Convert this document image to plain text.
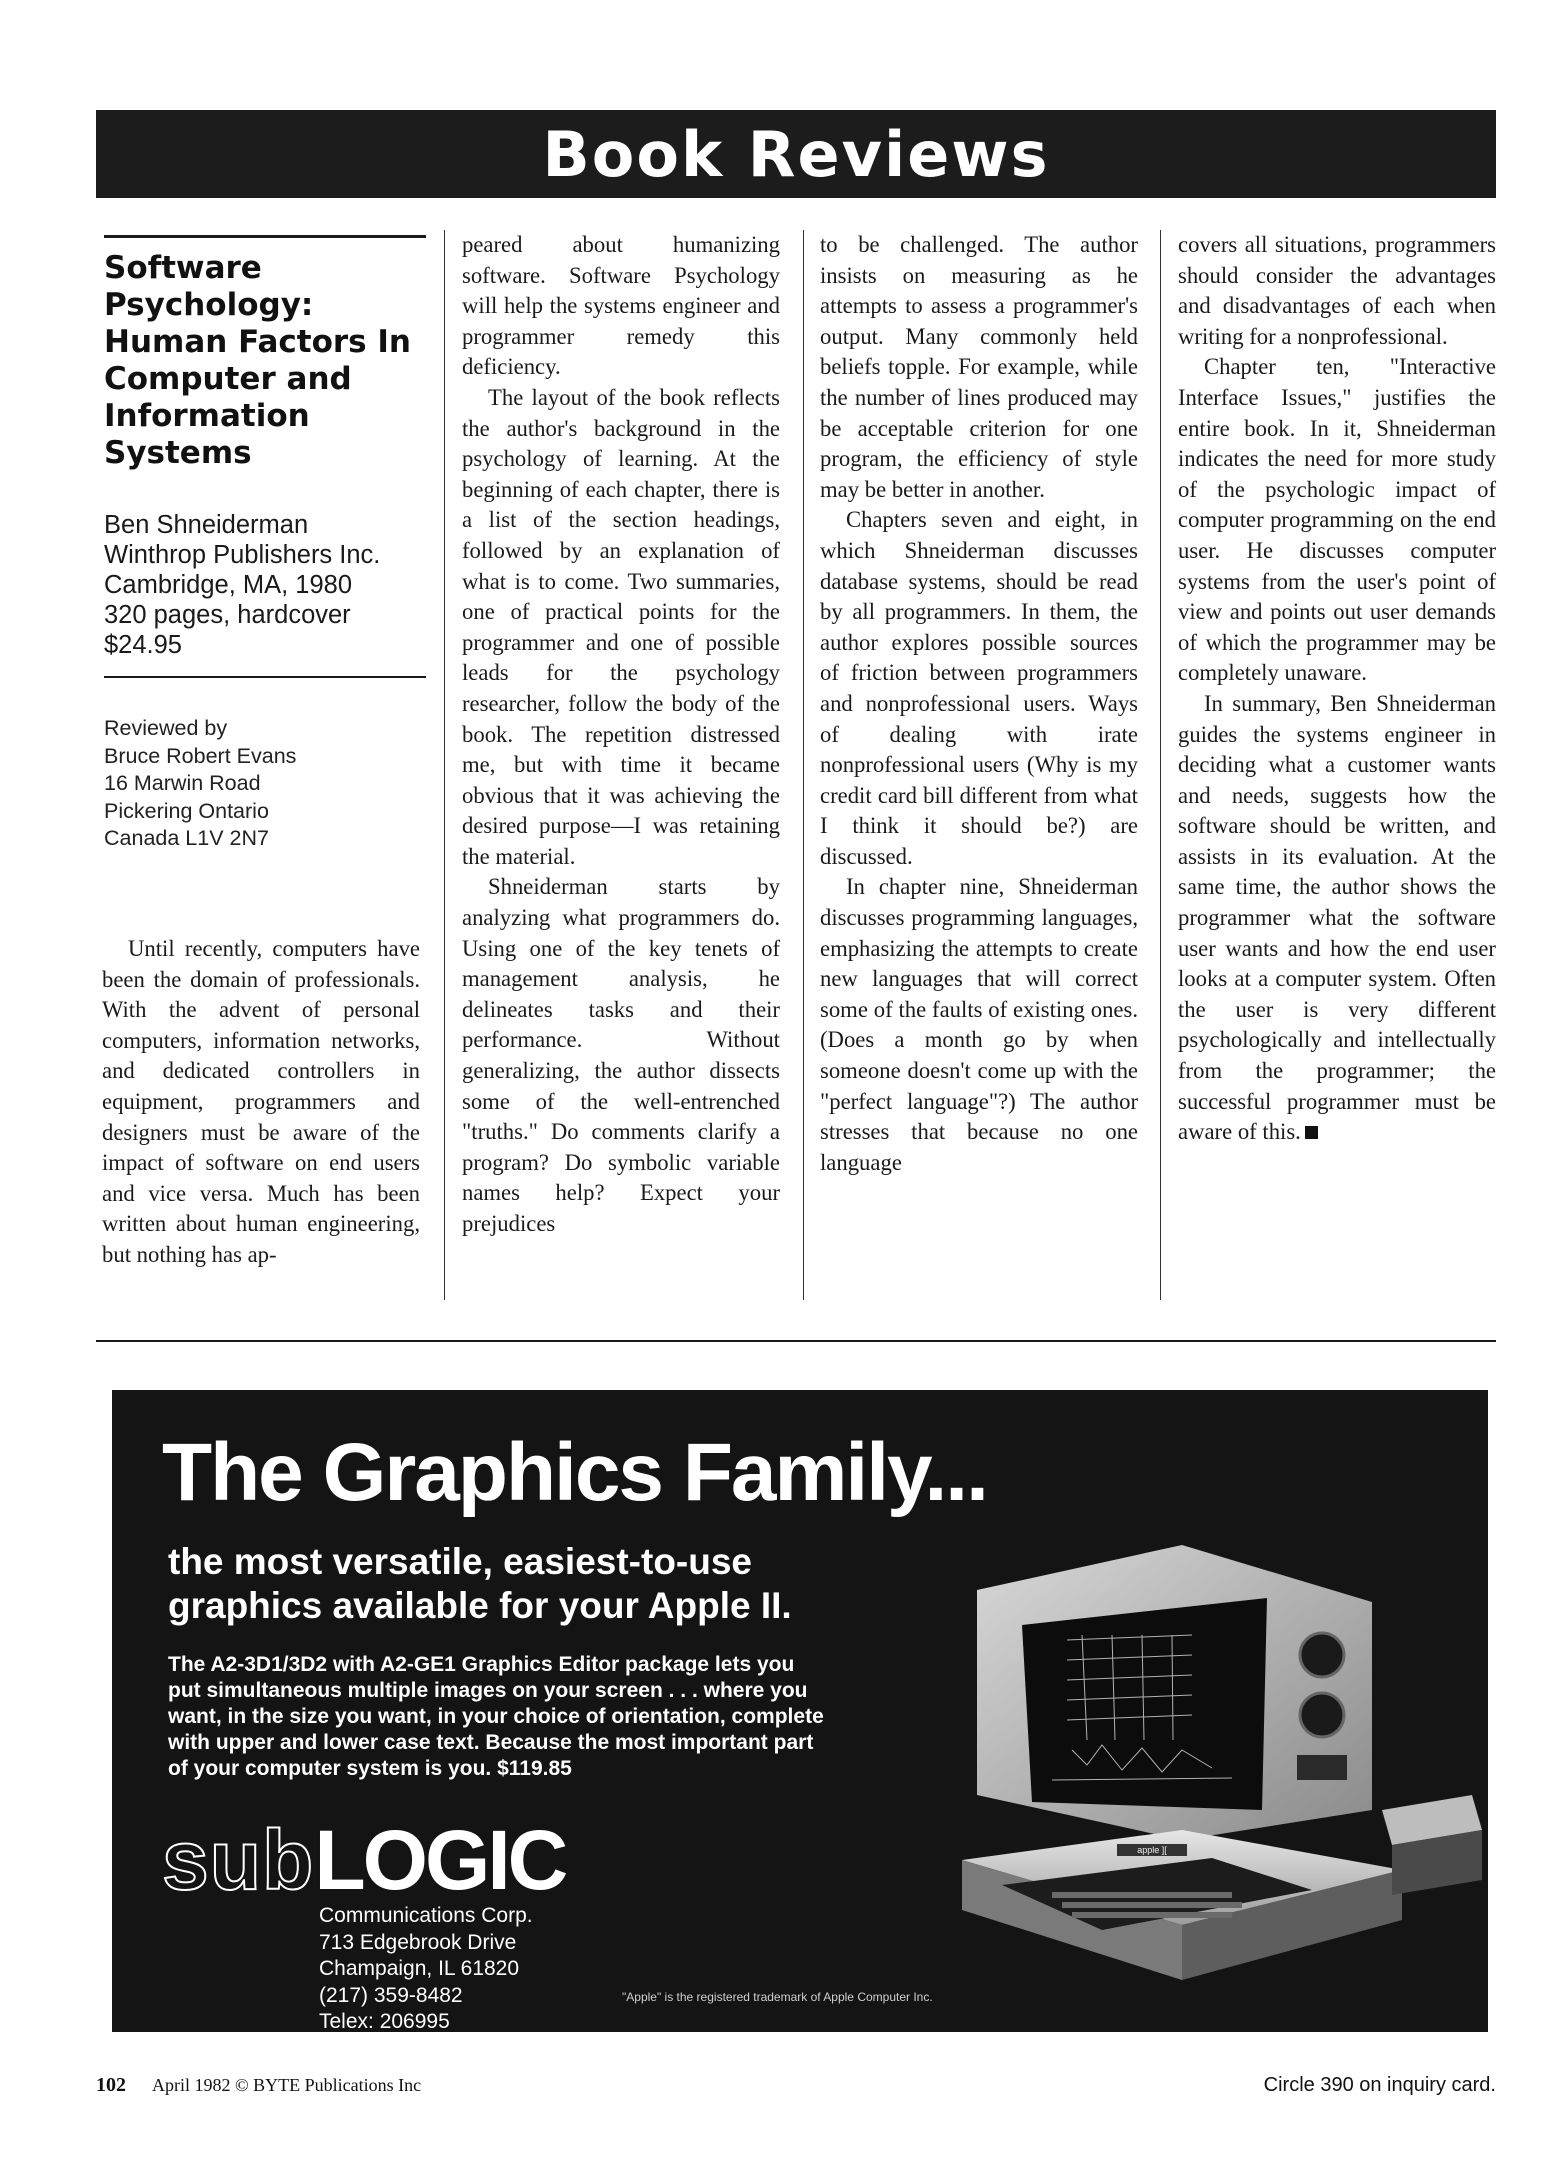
Book Reviews
Software
Psychology:
Human Factors In
Computer and
Information
Systems
Ben Shneiderman
Winthrop Publishers Inc.
Cambridge, MA, 1980
320 pages, hardcover
$24.95
Reviewed by
Bruce Robert Evans
16 Marwin Road
Pickering Ontario
Canada L1V 2N7

Until recently, computers have been the domain of professionals. With the advent of personal computers, information networks, and dedicated controllers in equipment, programmers and designers must be aware of the impact of software on end users and vice versa. Much has been written about human engineering, but nothing has ap-

peared about humanizing software. Software Psychology will help the systems engineer and programmer remedy this deficiency.

The layout of the book reflects the author's background in the psychology of learning. At the beginning of each chapter, there is a list of the section headings, followed by an explanation of what is to come. Two summaries, one of practical points for the programmer and one of possible leads for the psychology researcher, follow the body of the book. The repetition distressed me, but with time it became obvious that it was achieving the desired purpose—I was retaining the material.

Shneiderman starts by analyzing what programmers do. Using one of the key tenets of management analysis, he delineates tasks and their performance. Without generalizing, the author dissects some of the well-entrenched "truths." Do comments clarify a program? Do symbolic variable names help? Expect your prejudices

to be challenged. The author insists on measuring as he attempts to assess a programmer's output. Many commonly held beliefs topple. For example, while the number of lines produced may be acceptable criterion for one program, the efficiency of style may be better in another.

Chapters seven and eight, in which Shneiderman discusses database systems, should be read by all programmers. In them, the author explores possible sources of friction between programmers and nonprofessional users. Ways of dealing with irate nonprofessional users (Why is my credit card bill different from what I think it should be?) are discussed.

In chapter nine, Shneiderman discusses programming languages, emphasizing the attempts to create new languages that will correct some of the faults of existing ones. (Does a month go by when someone doesn't come up with the "perfect language"?) The author stresses that because no one language

covers all situations, programmers should consider the advantages and disadvantages of each when writing for a nonprofessional.

Chapter ten, "Interactive Interface Issues," justifies the entire book. In it, Shneiderman indicates the need for more study of the psychologic impact of computer programming on the end user. He discusses computer systems from the user's point of view and points out user demands of which the programmer may be completely unaware.

In summary, Ben Shneiderman guides the systems engineer in deciding what a customer wants and needs, suggests how the software should be written, and assists in its evaluation. At the same time, the author shows the programmer what the software user wants and how the end user looks at a computer system. Often the user is very different psychologically and intellectually from the programmer; the successful programmer must be aware of this.

The Graphics Family...
the most versatile, easiest-to-use
graphics available for your Apple II.
The A2-3D1/3D2 with A2-GE1 Graphics Editor package lets you
put simultaneous multiple images on your screen . . . where you
want, in the size you want, in your choice of orientation, complete
with upper and lower case text. Because the most important part
of your computer system is you. $119.85
apple ][
subLOGIC
Communications Corp.
713 Edgebrook Drive
Champaign, IL 61820
(217) 359-8482
Telex: 206995
"Apple" is the registered trademark of Apple Computer Inc.
102 April 1982 © BYTE Publications Inc	Circle 390 on inquiry card.
